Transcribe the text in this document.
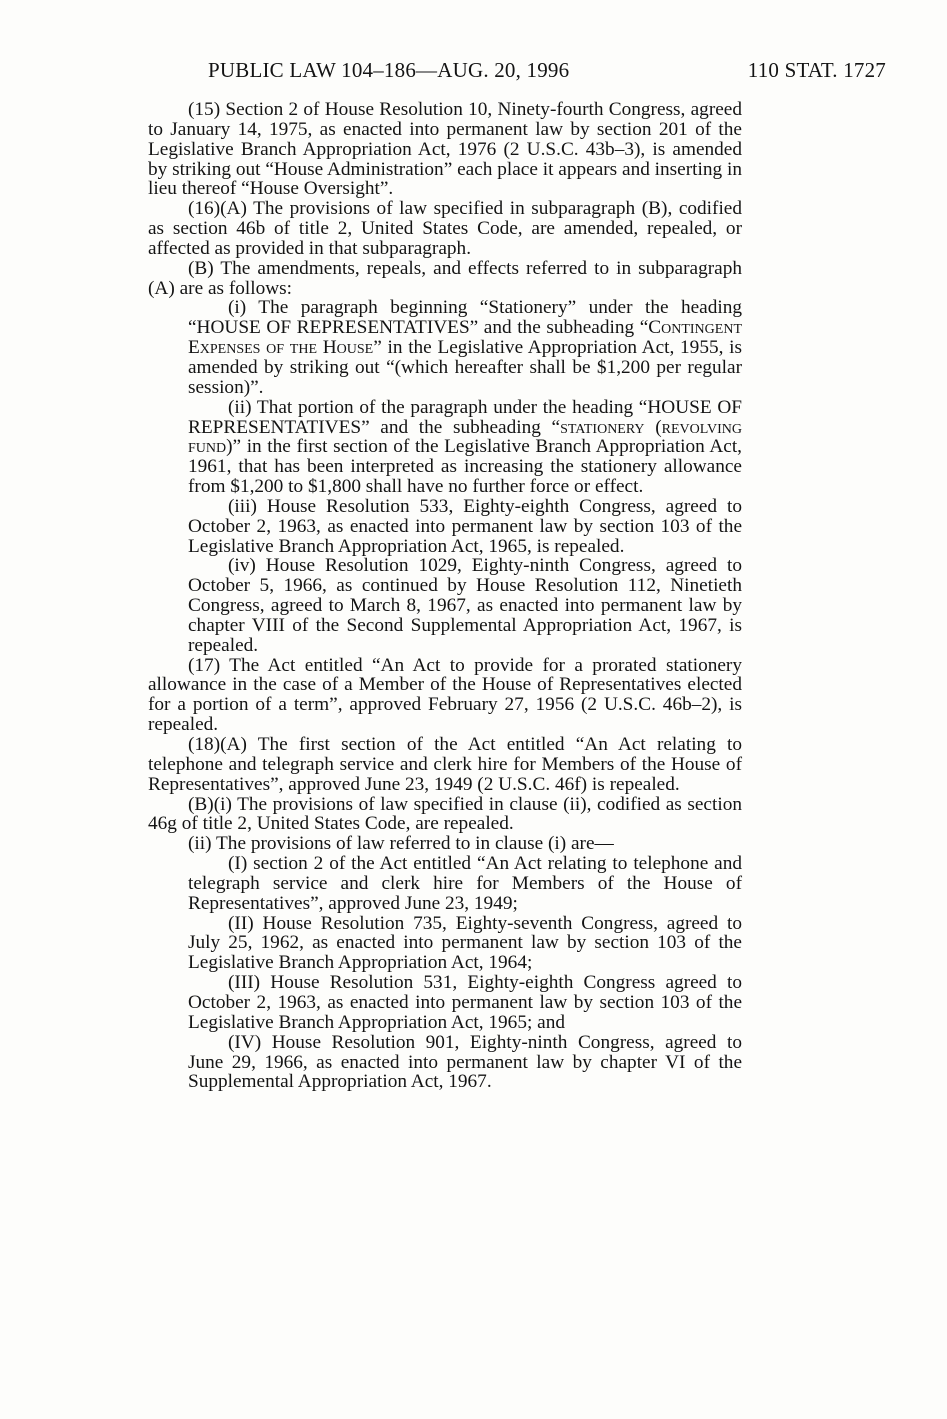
PUBLIC LAW 104–186—AUG. 20, 1996	110 STAT. 1727

(15) Section 2 of House Resolution 10, Ninety-fourth Congress, agreed to January 14, 1975, as enacted into permanent law by section 201 of the Legislative Branch Appropriation Act, 1976 (2 U.S.C. 43b–3), is amended by striking out “House Administration” each place it appears and inserting in lieu thereof “House Oversight”.

(16)(A) The provisions of law specified in subparagraph (B), codified as section 46b of title 2, United States Code, are amended, repealed, or affected as provided in that subparagraph.

(B) The amendments, repeals, and effects referred to in subparagraph (A) are as follows:

(i) The paragraph beginning “Stationery” under the heading “HOUSE OF REPRESENTATIVES” and the subheading “Contingent Expenses of the House” in the Legislative Appropriation Act, 1955, is amended by striking out “(which hereafter shall be $1,200 per regular session)”.

(ii) That portion of the paragraph under the heading “HOUSE OF REPRESENTATIVES” and the subheading “stationery (revolving fund)” in the first section of the Legislative Branch Appropriation Act, 1961, that has been interpreted as increasing the stationery allowance from $1,200 to $1,800 shall have no further force or effect.

(iii) House Resolution 533, Eighty-eighth Congress, agreed to October 2, 1963, as enacted into permanent law by section 103 of the Legislative Branch Appropriation Act, 1965, is repealed.

(iv) House Resolution 1029, Eighty-ninth Congress, agreed to October 5, 1966, as continued by House Resolution 112, Ninetieth Congress, agreed to March 8, 1967, as enacted into permanent law by chapter VIII of the Second Supplemental Appropriation Act, 1967, is repealed.

(17) The Act entitled “An Act to provide for a prorated stationery allowance in the case of a Member of the House of Representatives elected for a portion of a term”, approved February 27, 1956 (2 U.S.C. 46b–2), is repealed.

(18)(A) The first section of the Act entitled “An Act relating to telephone and telegraph service and clerk hire for Members of the House of Representatives”, approved June 23, 1949 (2 U.S.C. 46f) is repealed.

(B)(i) The provisions of law specified in clause (ii), codified as section 46g of title 2, United States Code, are repealed.

(ii) The provisions of law referred to in clause (i) are—

(I) section 2 of the Act entitled “An Act relating to telephone and telegraph service and clerk hire for Members of the House of Representatives”, approved June 23, 1949;

(II) House Resolution 735, Eighty-seventh Congress, agreed to July 25, 1962, as enacted into permanent law by section 103 of the Legislative Branch Appropriation Act, 1964;

(III) House Resolution 531, Eighty-eighth Congress agreed to October 2, 1963, as enacted into permanent law by section 103 of the Legislative Branch Appropriation Act, 1965; and

(IV) House Resolution 901, Eighty-ninth Congress, agreed to June 29, 1966, as enacted into permanent law by chapter VI of the Supplemental Appropriation Act, 1967.
